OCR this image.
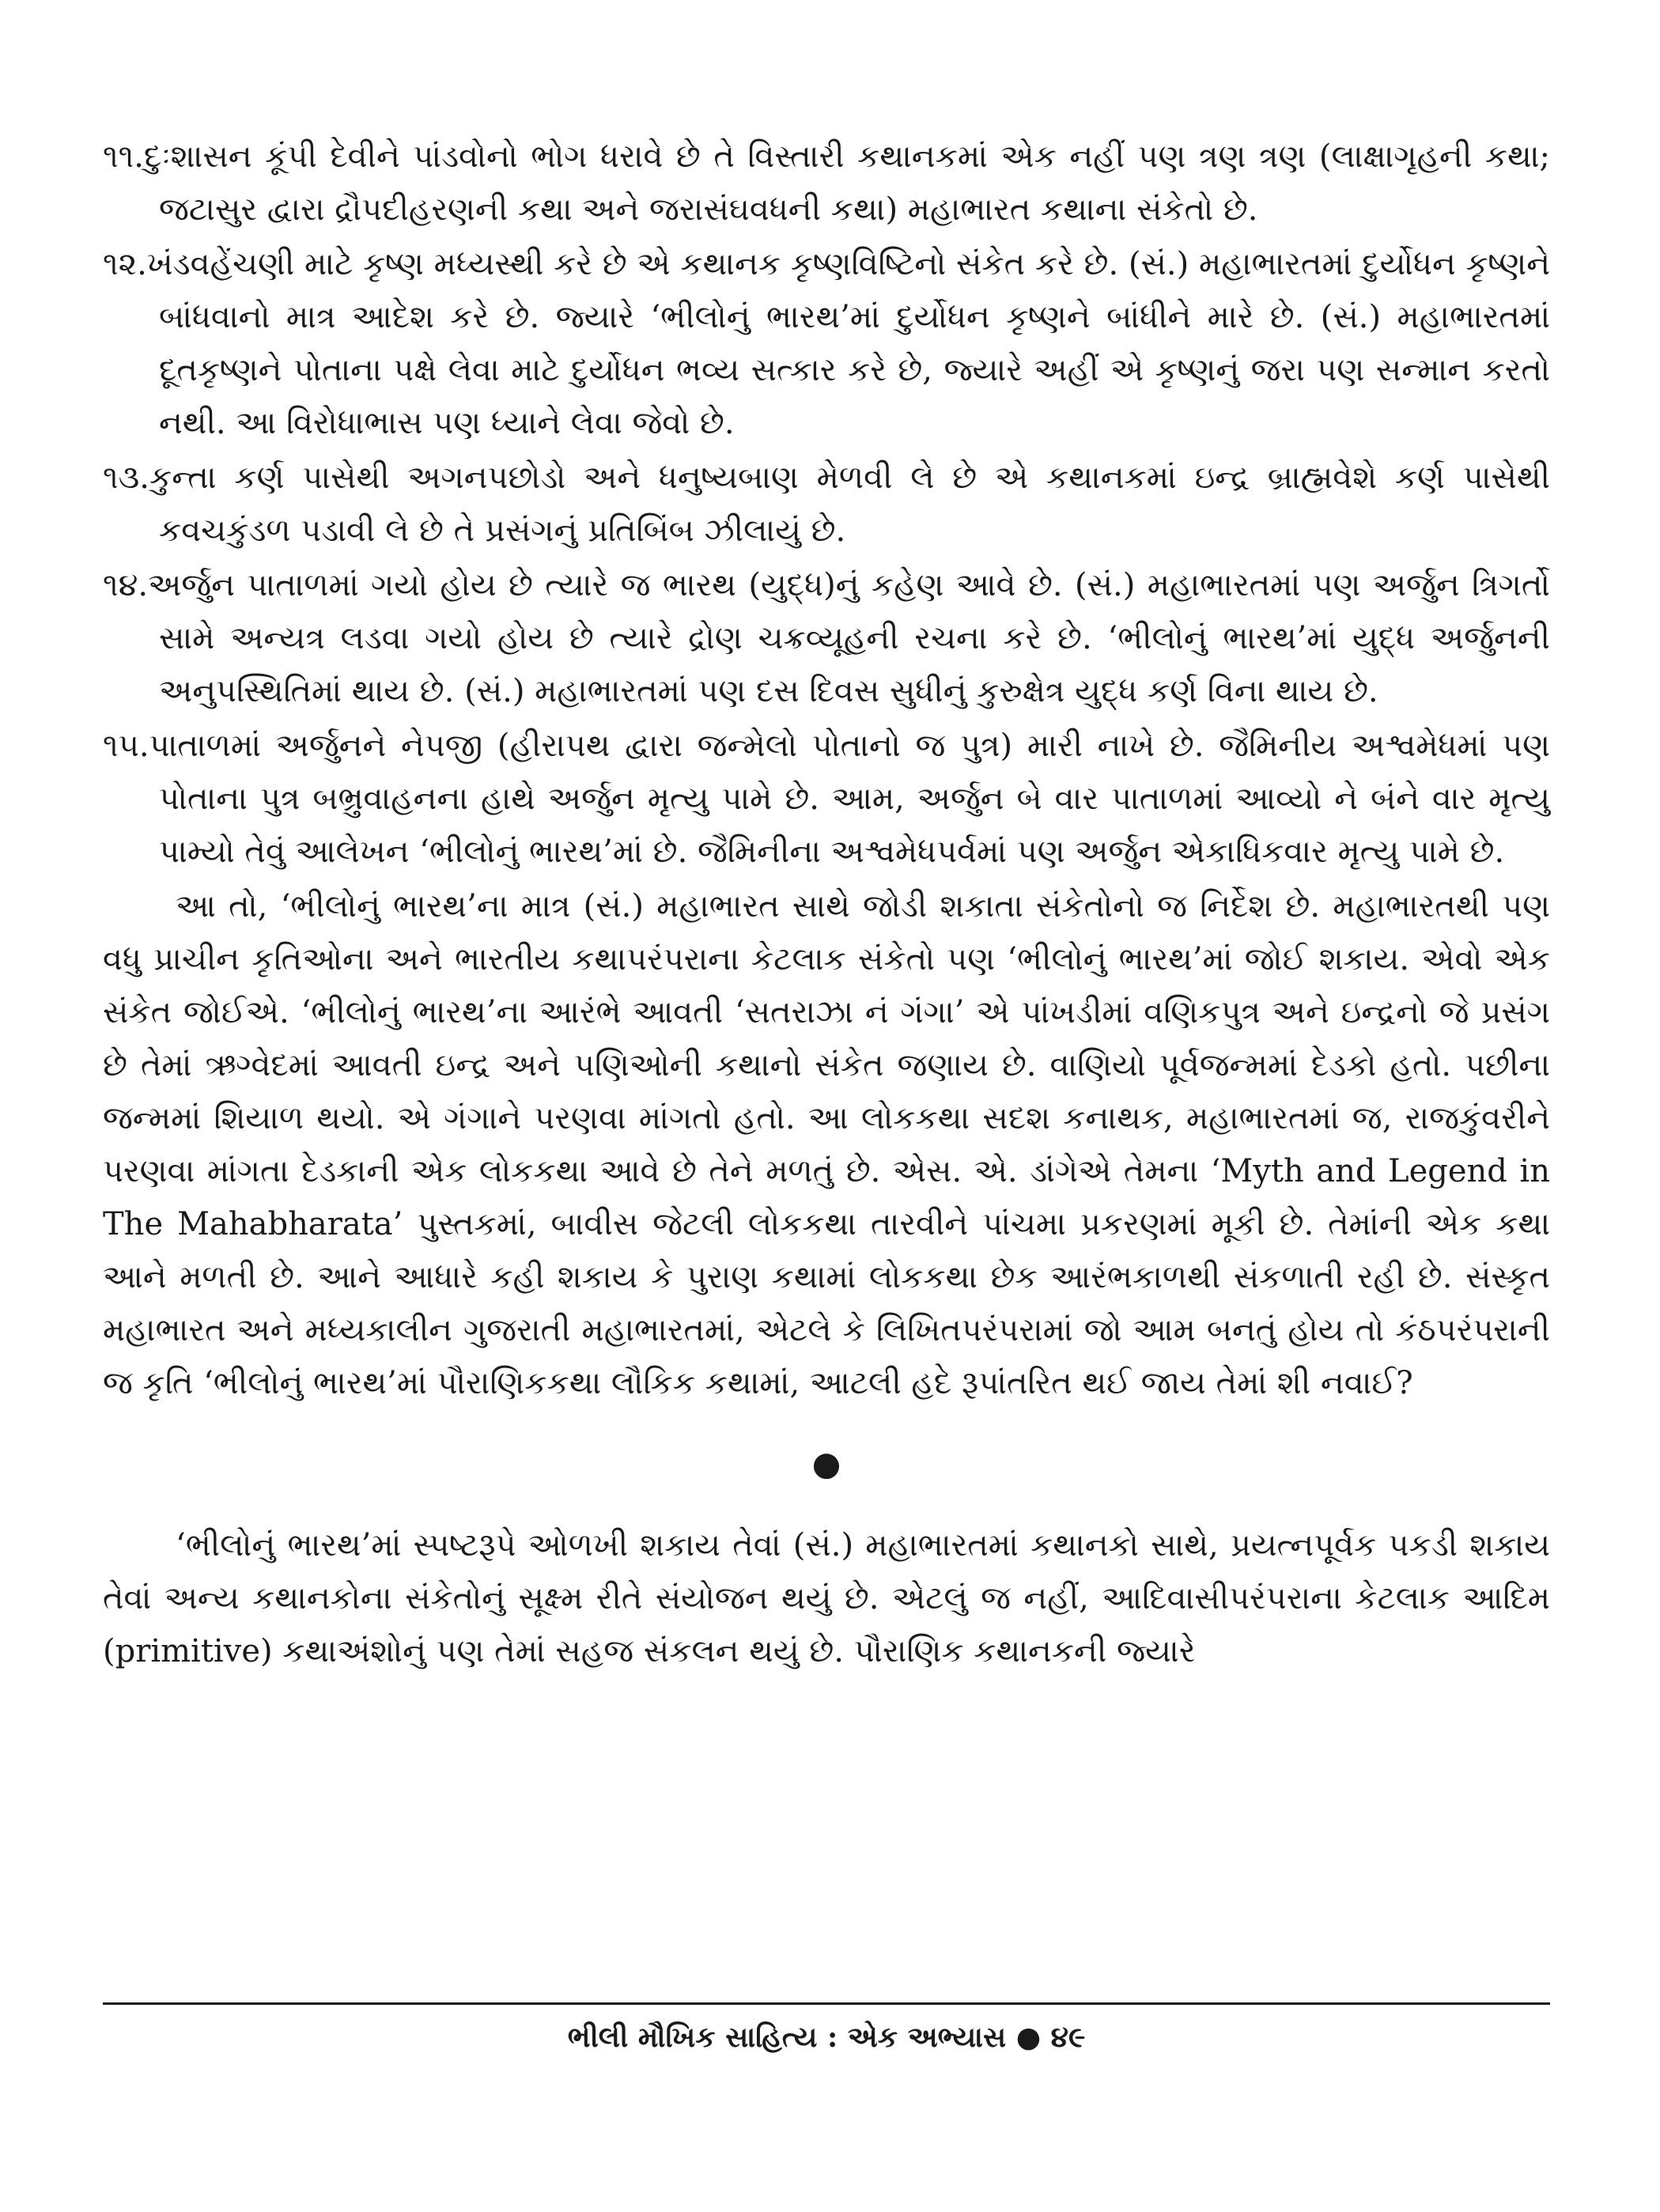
૧૧.દુઃશાસન કૂંપી દેવીને પાંડવોનો ભોગ ધરાવે છે તે વિસ્તારી કથાનકમાં એક નહીં પણ ત્રણ ત્રણ (લાક્ષાગૃહની કથા; જટાસુર દ્વારા દ્રૌપદીહરણની કથા અને જરાસંઘવધની કથા) મહાભારત કથાના સંકેતો છે.

૧૨.ખંડવહેંચણી માટે કૃષ્ણ મધ્યસ્થી કરે છે એ કથાનક કૃષ્ણવિષ્ટિનો સંકેત કરે છે. (સં.) મહાભારતમાં દુર્યોધન કૃષ્ણને બાંધવાનો માત્ર આદેશ કરે છે. જ્યારે ‘ભીલોનું ભારથ’માં દુર્યોધન કૃષ્ણને બાંધીને મારે છે. (સં.) મહાભારતમાં દૂતકૃષ્ણને પોતાના પક્ષે લેવા માટે દુર્યોધન ભવ્ય સત્કાર કરે છે, જ્યારે અહીં એ કૃષ્ણનું જરા પણ સન્માન કરતો નથી. આ વિરોધાભાસ પણ ધ્યાને લેવા જેવો છે.

૧૩.કુન્તા કર્ણ પાસેથી અગનપછોડો અને ધનુષ્યબાણ મેળવી લે છે એ કથાનકમાં ઇન્દ્ર બ્રાહ્મવેશે કર્ણ પાસેથી કવચકુંડળ પડાવી લે છે તે પ્રસંગનું પ્રતિબિંબ ઝીલાયું છે.

૧૪.અર્જુન પાતાળમાં ગયો હોય છે ત્યારે જ ભારથ (યુદ્ધ)નું કહેણ આવે છે. (સં.) મહાભારતમાં પણ અર્જુન ત્રિગર્તો સામે અન્યત્ર લડવા ગયો હોય છે ત્યારે દ્રોણ ચક્રવ્યૂહની રચના કરે છે. ‘ભીલોનું ભારથ’માં યુદ્ધ અર્જુનની અનુપસ્થિતિમાં થાય છે. (સં.) મહાભારતમાં પણ દસ દિવસ સુધીનું કુરુક્ષેત્ર યુદ્ધ કર્ણ વિના થાય છે.

૧૫.પાતાળમાં અર્જુનને નેપજી (હીરાપથ દ્વારા જન્મેલો પોતાનો જ પુત્ર) મારી નાખે છે. જૈમિનીય અશ્વમેધમાં પણ પોતાના પુત્ર બભ્રુવાહનના હાથે અર્જુન મૃત્યુ પામે છે. આમ, અર્જુન બે વાર પાતાળમાં આવ્યો ને બંને વાર મૃત્યુ પામ્યો તેવું આલેખન ‘ભીલોનું ભારથ’માં છે. જૈમિનીના અશ્વમેધપર્વમાં પણ અર્જુન એકાધિકવાર મૃત્યુ પામે છે.

આ તો, ‘ભીલોનું ભારથ’ના માત્ર (સં.) મહાભારત સાથે જોડી શકાતા સંકેતોનો જ નિર્દેશ છે. મહાભારતથી પણ વધુ પ્રાચીન કૃતિઓના અને ભારતીય કથાપરંપરાના કેટલાક સંકેતો પણ ‘ભીલોનું ભારથ’માં જોઈ શકાય. એવો એક સંકેત જોઈએ. ‘ભીલોનું ભારથ’ના આરંભે આવતી ‘સતરાઝા નં ગંગા’ એ પાંખડીમાં વણિકપુત્ર અને ઇન્દ્રનો જે પ્રસંગ છે તેમાં ઋગ્વેદમાં આવતી ઇન્દ્ર અને પણિઓની કથાનો સંકેત જણાય છે. વાણિયો પૂર્વજન્મમાં દેડકો હતો. પછીના જન્મમાં શિયાળ થયો. એ ગંગાને પરણવા માંગતો હતો. આ લોકકથા સદશ કનાથક, મહાભારતમાં જ, રાજકુંવરીને પરણવા માંગતા દેડકાની એક લોકકથા આવે છે તેને મળતું છે. એસ. એ. ડાંગેએ તેમના ‘Myth and Legend in The Mahabharata’ પુસ્તકમાં, બાવીસ જેટલી લોકકથા તારવીને પાંચમા પ્રકરણમાં મૂકી છે. તેમાંની એક કથા આને મળતી છે. આને આધારે કહી શકાય કે પુરાણ કથામાં લોકકથા છેક આરંભકાળથી સંકળાતી રહી છે. સંસ્કૃત મહાભારત અને મધ્યકાલીન ગુજરાતી મહાભારતમાં, એટલે કે લિખિતપરંપરામાં જો આમ બનતું હોય તો કંઠપરંપરાની જ કૃતિ ‘ભીલોનું ભારથ’માં પૌરાણિકકથા લૌકિક કથામાં, આટલી હદે રૂપાંતરિત થઈ જાય તેમાં શી નવાઈ?

●

‘ભીલોનું ભારથ’માં સ્પષ્ટરૂપે ઓળખી શકાય તેવાં (સં.) મહાભારતમાં કથાનકો સાથે, પ્રયત્નપૂર્વક પકડી શકાય તેવાં અન્ય કથાનકોના સંકેતોનું સૂક્ષ્મ રીતે સંયોજન થયું છે. એટલું જ નહીં, આદિવાસીપરંપરાના કેટલાક આદિમ (primitive) કથાઅંશોનું પણ તેમાં સહજ સંકલન થયું છે. પૌરાણિક કથાનકની જ્યારે

ભીલી મૌખિક સાહિત્ય : એક અભ્યાસ ● ૪૯
